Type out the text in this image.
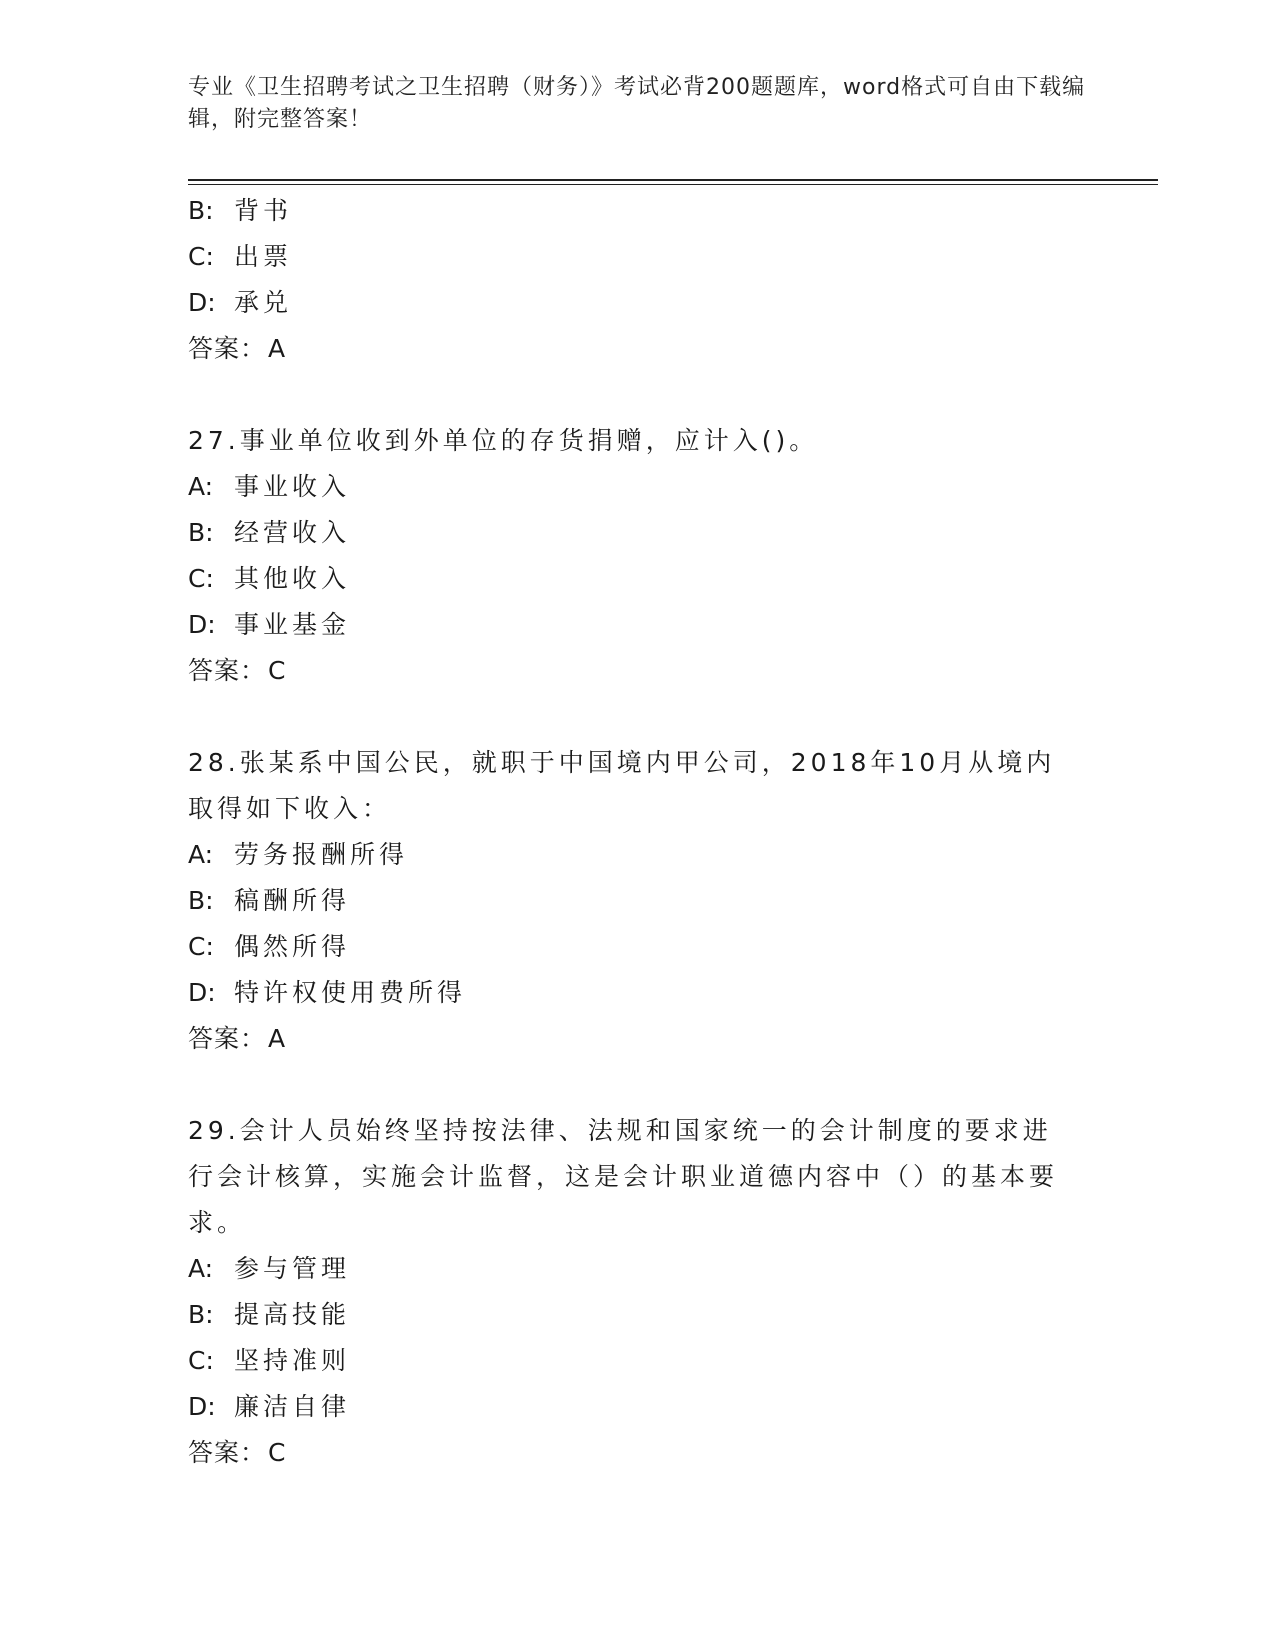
专业《卫生招聘考试之卫生招聘（财务）》考试必背200题题库，word格式可自由下载编辑，附完整答案！
B: 背书
C: 出票
D: 承兑
答案：A
27.事业单位收到外单位的存货捐赠，应计入()。
A: 事业收入
B: 经营收入
C: 其他收入
D: 事业基金
答案：C
28.张某系中国公民，就职于中国境内甲公司，2018年10月从境内取得如下收入：
A: 劳务报酬所得
B: 稿酬所得
C: 偶然所得
D: 特许权使用费所得
答案：A
29.会计人员始终坚持按法律、法规和国家统一的会计制度的要求进行会计核算，实施会计监督，这是会计职业道德内容中（）的基本要求。
A: 参与管理
B: 提高技能
C: 坚持准则
D: 廉洁自律
答案：C
